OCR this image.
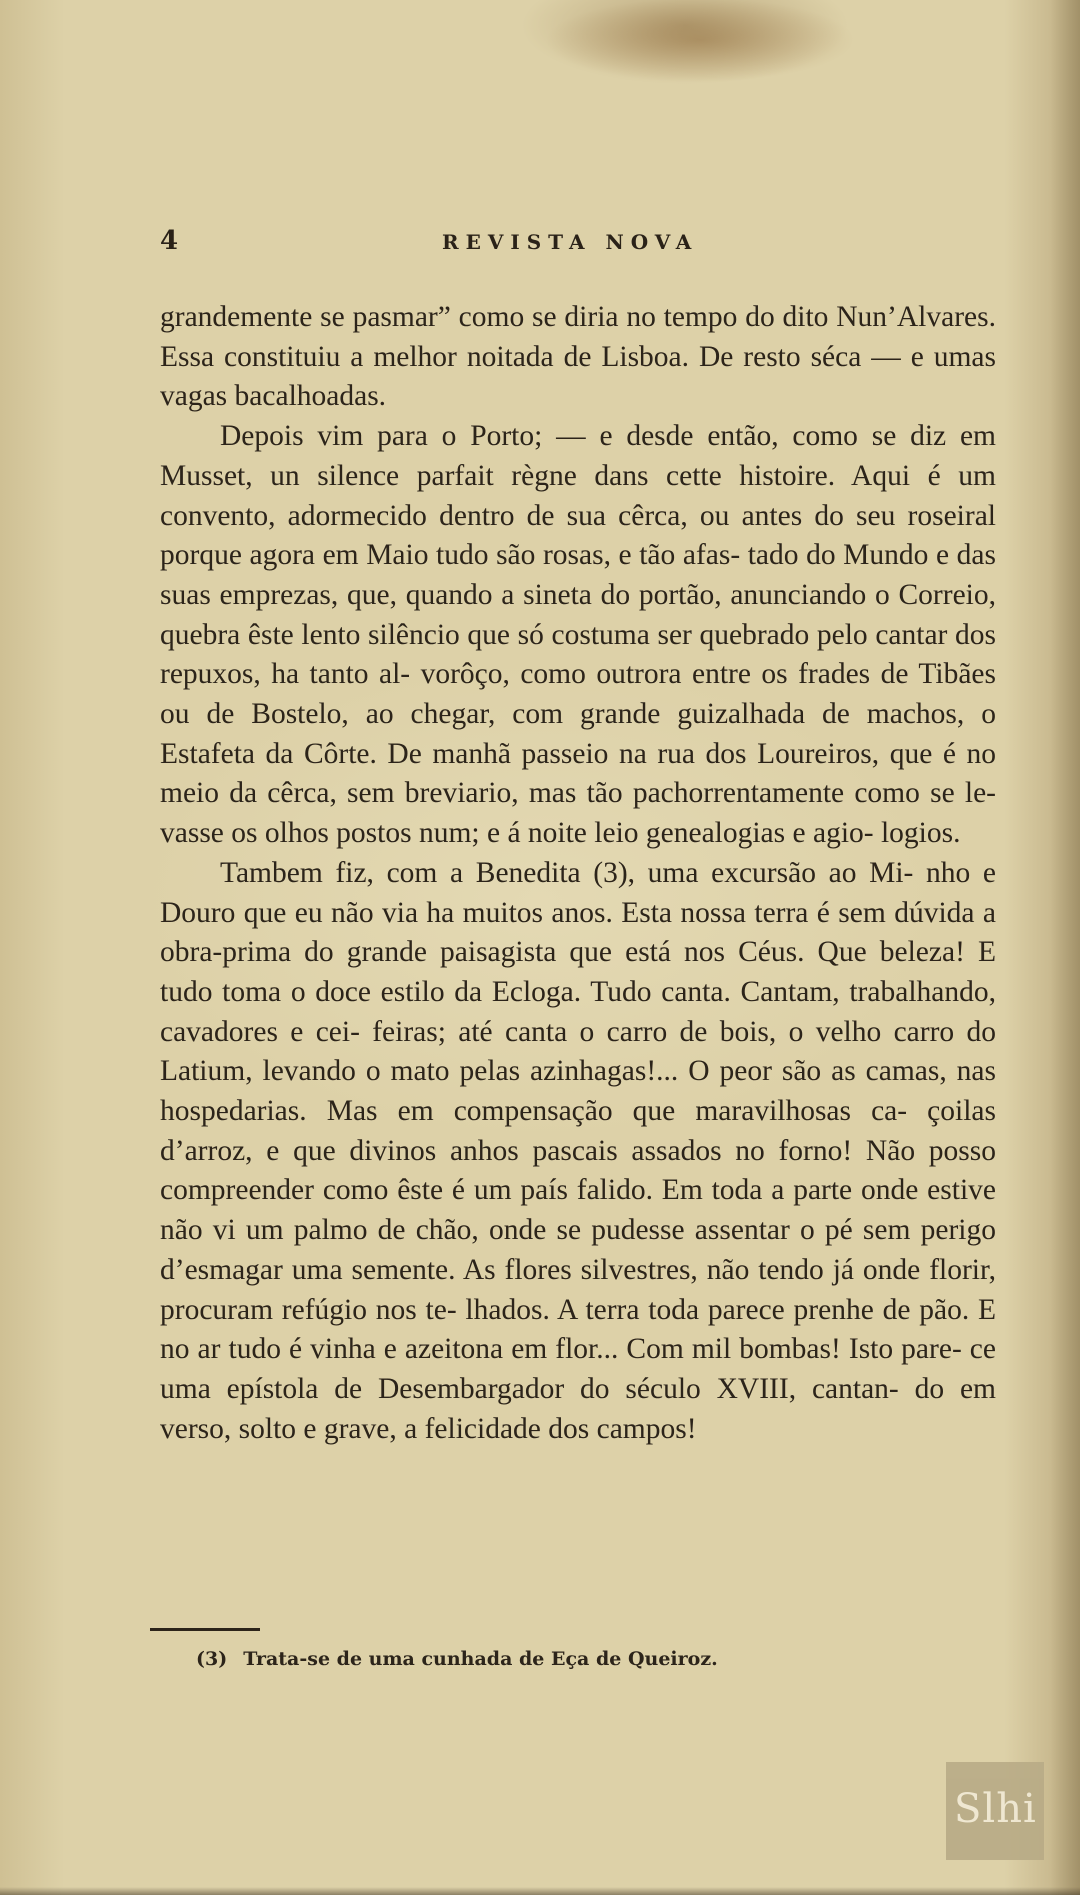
4	REVISTA NOVA

grandemente se pasmar” como se diria no tempo do dito Nun’Alvares. Essa constituiu a melhor noitada de Lisboa. De resto séca — e umas vagas bacalhoadas.

Depois vim para o Porto; — e desde então, como se diz em Musset, un silence parfait règne dans cette histoire. Aqui é um convento, adormecido dentro de sua cêrca, ou antes do seu roseiral porque agora em Maio tudo são rosas, e tão afas- tado do Mundo e das suas emprezas, que, quando a sineta do portão, anunciando o Correio, quebra êste lento silêncio que só costuma ser quebrado pelo cantar dos repuxos, ha tanto al- vorôço, como outrora entre os frades de Tibães ou de Bostelo, ao chegar, com grande guizalhada de machos, o Estafeta da Côrte. De manhã passeio na rua dos Loureiros, que é no meio da cêrca, sem breviario, mas tão pachorrentamente como se le- vasse os olhos postos num; e á noite leio genealogias e agio- logios.

Tambem fiz, com a Benedita (3), uma excursão ao Mi- nho e Douro que eu não via ha muitos anos. Esta nossa terra é sem dúvida a obra-prima do grande paisagista que está nos Céus. Que beleza! E tudo toma o doce estilo da Ecloga. Tudo canta. Cantam, trabalhando, cavadores e cei- feiras; até canta o carro de bois, o velho carro do Latium, levando o mato pelas azinhagas!... O peor são as camas, nas hospedarias. Mas em compensação que maravilhosas ca- çoilas d’arroz, e que divinos anhos pascais assados no forno! Não posso compreender como êste é um país falido. Em toda a parte onde estive não vi um palmo de chão, onde se pudesse assentar o pé sem perigo d’esmagar uma semente. As flores silvestres, não tendo já onde florir, procuram refúgio nos te- lhados. A terra toda parece prenhe de pão. E no ar tudo é vinha e azeitona em flor... Com mil bombas! Isto pare- ce uma epístola de Desembargador do século XVIII, cantan- do em verso, solto e grave, a felicidade dos campos!

(3) Trata-se de uma cunhada de Eça de Queiroz.
Slhi
